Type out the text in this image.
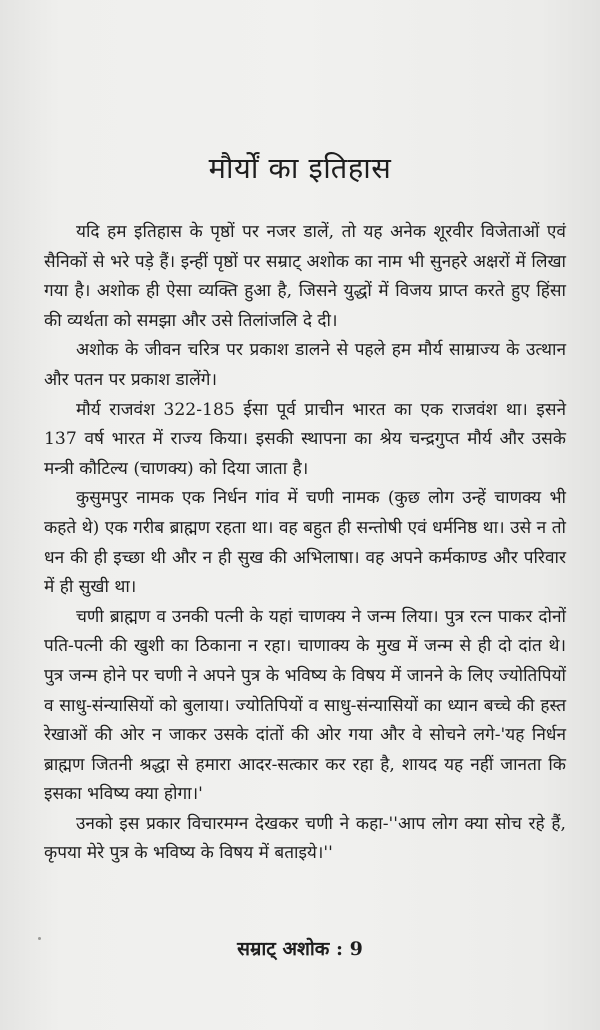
मौर्यों का इतिहास

यदि हम इतिहास के पृष्ठों पर नजर डालें, तो यह अनेक शूरवीर विजेताओं एवं सैनिकों से भरे पड़े हैं। इन्हीं पृष्ठों पर सम्राट् अशोक का नाम भी सुनहरे अक्षरों में लिखा गया है। अशोक ही ऐसा व्यक्ति हुआ है, जिसने युद्धों में विजय प्राप्त करते हुए हिंसा की व्यर्थता को समझा और उसे तिलांजलि दे दी।

अशोक के जीवन चरित्र पर प्रकाश डालने से पहले हम मौर्य साम्राज्य के उत्थान और पतन पर प्रकाश डालेंगे।

मौर्य राजवंश 322-185 ईसा पूर्व प्राचीन भारत का एक राजवंश था। इसने 137 वर्ष भारत में राज्य किया। इसकी स्थापना का श्रेय चन्द्रगुप्त मौर्य और उसके मन्त्री कौटिल्य (चाणक्य) को दिया जाता है।

कुसुमपुर नामक एक निर्धन गांव में चणी नामक (कुछ लोग उन्हें चाणक्य भी कहते थे) एक गरीब ब्राह्मण रहता था। वह बहुत ही सन्तोषी एवं धर्मनिष्ठ था। उसे न तो धन की ही इच्छा थी और न ही सुख की अभिलाषा। वह अपने कर्मकाण्ड और परिवार में ही सुखी था।

चणी ब्राह्मण व उनकी पत्नी के यहां चाणक्य ने जन्म लिया। पुत्र रत्न पाकर दोनों पति-पत्नी की खुशी का ठिकाना न रहा। चाणाक्य के मुख में जन्म से ही दो दांत थे। पुत्र जन्म होने पर चणी ने अपने पुत्र के भविष्य के विषय में जानने के लिए ज्योतिपियों व साधु-संन्यासियों को बुलाया। ज्योतिपियों व साधु-संन्यासियों का ध्यान बच्चे की हस्त रेखाओं की ओर न जाकर उसके दांतों की ओर गया और वे सोचने लगे-'यह निर्धन ब्राह्मण जितनी श्रद्धा से हमारा आदर-सत्कार कर रहा है, शायद यह नहीं जानता कि इसका भविष्य क्या होगा।'

उनको इस प्रकार विचारमग्न देखकर चणी ने कहा-''आप लोग क्या सोच रहे हैं, कृपया मेरे पुत्र के भविष्य के विषय में बताइये।''

सम्राट् अशोक : 9
